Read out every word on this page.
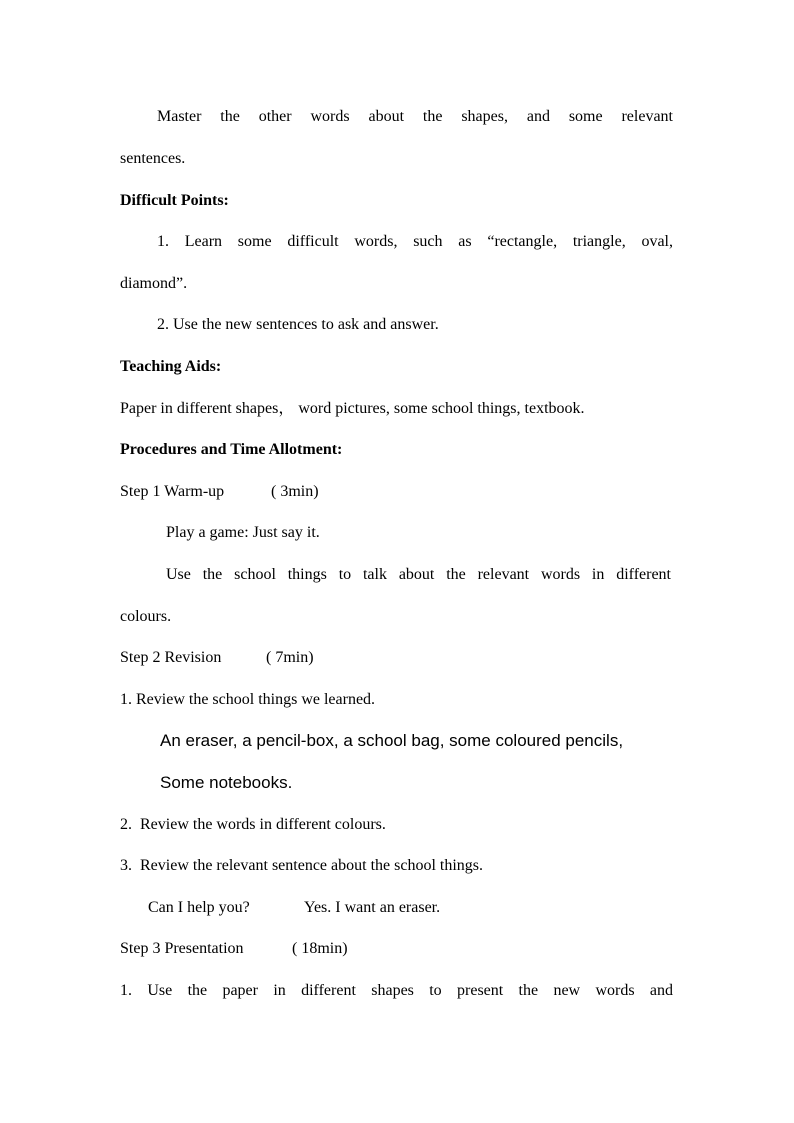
Master the other words about the shapes, and some relevant
sentences.
Difficult Points:
1. Learn some difficult words, such as “rectangle, triangle, oval,
diamond”.
2. Use the new sentences to ask and answer.
Teaching Aids:
Paper in different shapes， word pictures, some school things, textbook.
Procedures and Time Allotment:
Step 1 Warm-up	( 3min)
Play a game: Just say it.
Use the school things to talk about the relevant words in different
colours.
Step 2 Revision	( 7min)
1. Review the school things we learned.
An eraser, a pencil-box, a school bag, some coloured pencils,
Some notebooks.
2.  Review the words in different colours.
3.  Review the relevant sentence about the school things.
Can I help you?	Yes. I want an eraser.
Step 3 Presentation	( 18min)
1. Use the paper in different shapes to present the new words and
